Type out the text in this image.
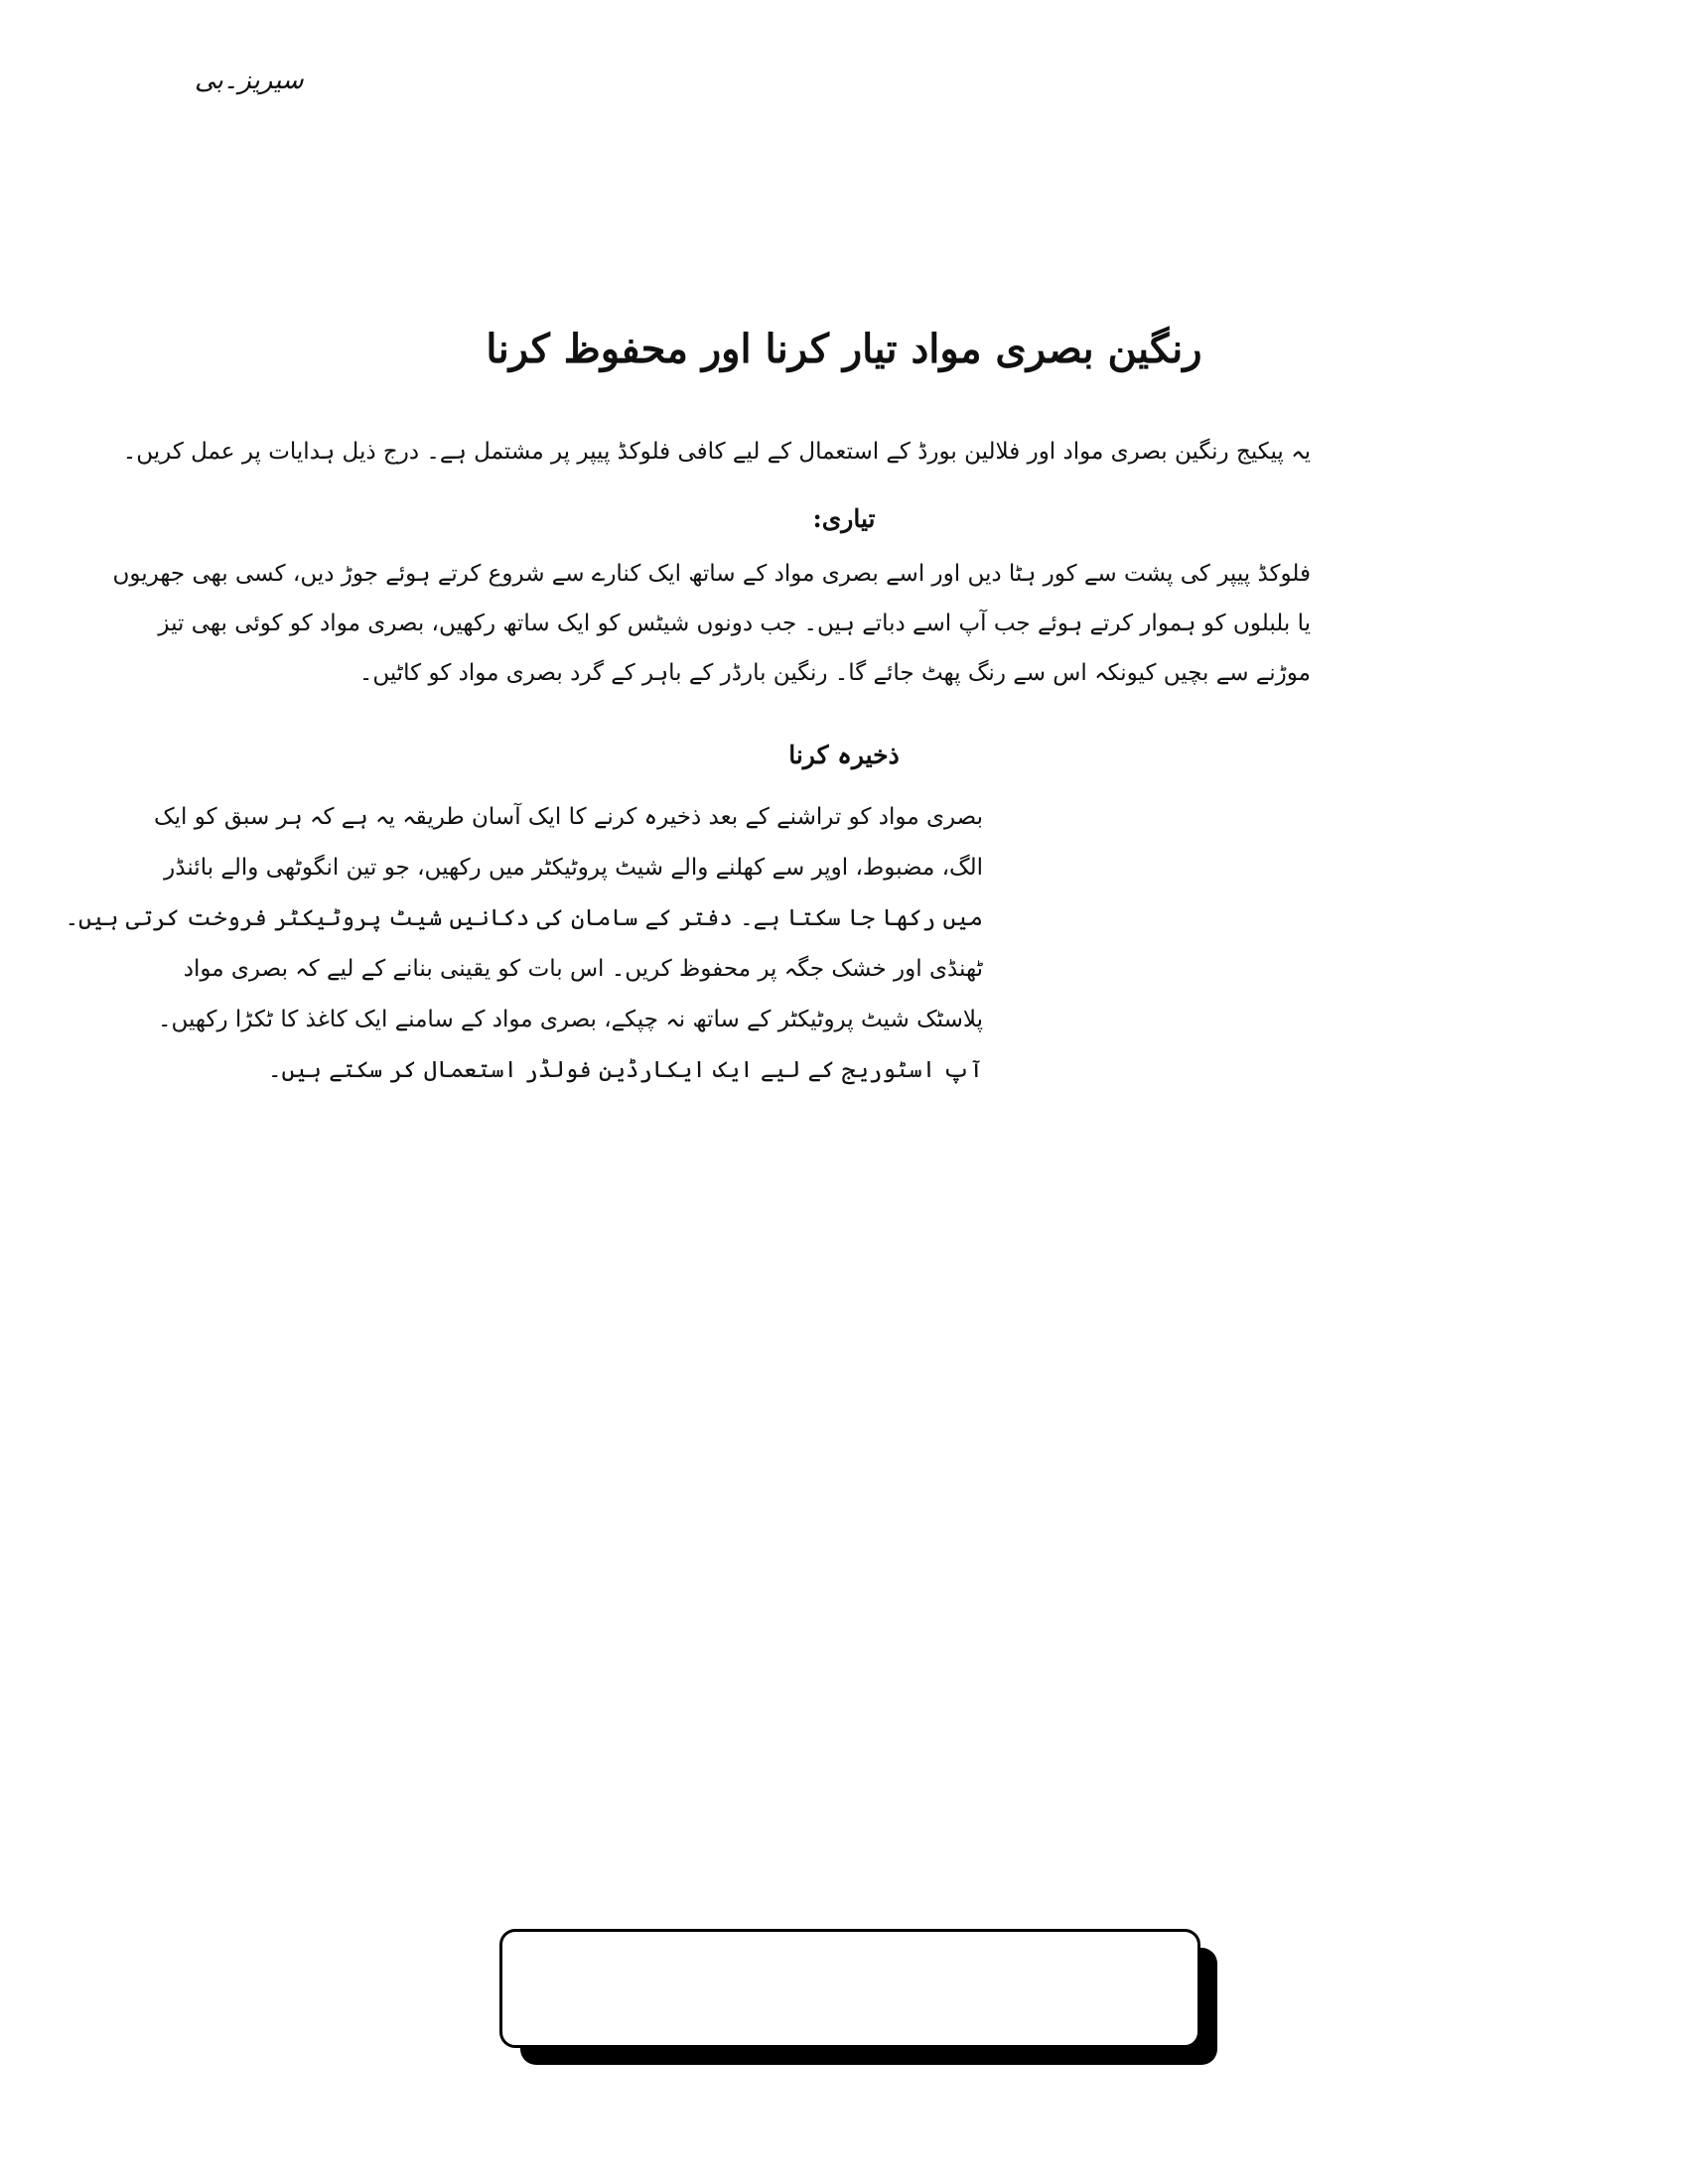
سیریز۔بی
رنگین بصری مواد تیار کرنا اور محفوظ کرنا
یہ پیکیج رنگین بصری مواد اور فلالین بورڈ کے استعمال کے لیے کافی فلوکڈ پیپر پر مشتمل ہے۔ درج ذیل ہدایات پر عمل کریں۔
تیاری:
فلوکڈ پیپر کی پشت سے کور ہٹا دیں اور اسے بصری مواد کے ساتھ ایک کنارے سے شروع کرتے ہوئے جوڑ دیں، کسی بھی جھریوں
یا بلبلوں کو ہموار کرتے ہوئے جب آپ اسے دباتے ہیں۔ جب دونوں شیٹس کو ایک ساتھ رکھیں، بصری مواد کو کوئی بھی تیز
موڑنے سے بچیں کیونکہ اس سے رنگ پھٹ جائے گا۔ رنگین بارڈر کے باہر کے گرد بصری مواد کو کاٹیں۔
ذخیرہ کرنا
بصری مواد کو تراشنے کے بعد ذخیرہ کرنے کا ایک آسان طریقہ یہ ہے کہ ہر سبق کو ایک
الگ، مضبوط، اوپر سے کھلنے والے شیٹ پروٹیکٹر میں رکھیں، جو تین انگوٹھی والے بائنڈر
میں رکھا جا سکتا ہے۔ دفتر کے سامان کی دکانیں شیٹ پروٹیکٹر فروخت کرتی ہیں۔
ٹھنڈی اور خشک جگہ پر محفوظ کریں۔ اس بات کو یقینی بنانے کے لیے کہ بصری مواد
پلاسٹک شیٹ پروٹیکٹر کے ساتھ نہ چپکے، بصری مواد کے سامنے ایک کاغذ کا ٹکڑا رکھیں۔
آپ اسٹوریج کے لیے ایک ایکارڈین فولڈر استعمال کر سکتے ہیں۔
